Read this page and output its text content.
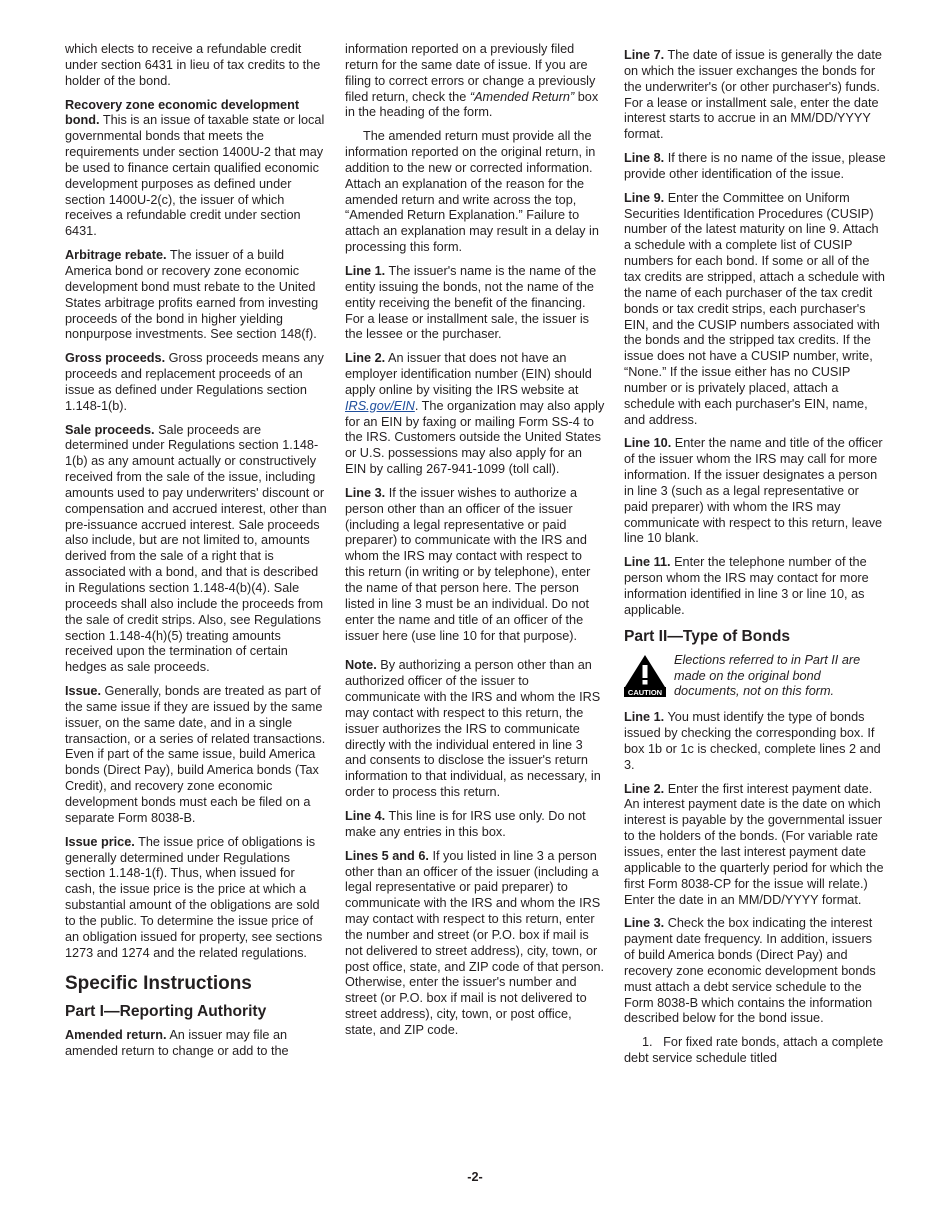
which elects to receive a refundable credit under section 6431 in lieu of tax credits to the holder of the bond.

Recovery zone economic development bond. This is an issue of taxable state or local governmental bonds that meets the requirements under section 1400U-2 that may be used to finance certain qualified economic development purposes as defined under section 1400U-2(c), the issuer of which receives a refundable credit under section 6431.

Arbitrage rebate. The issuer of a build America bond or recovery zone economic development bond must rebate to the United States arbitrage profits earned from investing proceeds of the bond in higher yielding nonpurpose investments. See section 148(f).

Gross proceeds. Gross proceeds means any proceeds and replacement proceeds of an issue as defined under Regulations section 1.148-1(b).

Sale proceeds. Sale proceeds are determined under Regulations section 1.148-1(b) as any amount actually or constructively received from the sale of the issue, including amounts used to pay underwriters' discount or compensation and accrued interest, other than pre-issuance accrued interest. Sale proceeds also include, but are not limited to, amounts derived from the sale of a right that is associated with a bond, and that is described in Regulations section 1.148-4(b)(4). Sale proceeds shall also include the proceeds from the sale of credit strips. Also, see Regulations section 1.148-4(h)(5) treating amounts received upon the termination of certain hedges as sale proceeds.

Issue. Generally, bonds are treated as part of the same issue if they are issued by the same issuer, on the same date, and in a single transaction, or a series of related transactions. Even if part of the same issue, build America bonds (Direct Pay), build America bonds (Tax Credit), and recovery zone economic development bonds must each be filed on a separate Form 8038-B.

Issue price. The issue price of obligations is generally determined under Regulations section 1.148-1(f). Thus, when issued for cash, the issue price is the price at which a substantial amount of the obligations are sold to the public. To determine the issue price of an obligation issued for property, see sections 1273 and 1274 and the related regulations.

Specific Instructions
Part I—Reporting Authority

Amended return. An issuer may file an amended return to change or add to the

information reported on a previously filed return for the same date of issue. If you are filing to correct errors or change a previously filed return, check the “Amended Return” box in the heading of the form.

The amended return must provide all the information reported on the original return, in addition to the new or corrected information. Attach an explanation of the reason for the amended return and write across the top, “Amended Return Explanation.” Failure to attach an explanation may result in a delay in processing this form.

Line 1. The issuer's name is the name of the entity issuing the bonds, not the name of the entity receiving the benefit of the financing. For a lease or installment sale, the issuer is the lessee or the purchaser.

Line 2. An issuer that does not have an employer identification number (EIN) should apply online by visiting the IRS website at IRS.gov/EIN. The organization may also apply for an EIN by faxing or mailing Form SS-4 to the IRS. Customers outside the United States or U.S. possessions may also apply for an EIN by calling 267-941-1099 (toll call).

Line 3. If the issuer wishes to authorize a person other than an officer of the issuer (including a legal representative or paid preparer) to communicate with the IRS and whom the IRS may contact with respect to this return (in writing or by telephone), enter the name of that person here. The person listed in line 3 must be an individual. Do not enter the name and title of an officer of the issuer here (use line 10 for that purpose).

Note. By authorizing a person other than an authorized officer of the issuer to communicate with the IRS and whom the IRS may contact with respect to this return, the issuer authorizes the IRS to communicate directly with the individual entered in line 3 and consents to disclose the issuer's return information to that individual, as necessary, in order to process this return.

Line 4. This line is for IRS use only. Do not make any entries in this box.

Lines 5 and 6. If you listed in line 3 a person other than an officer of the issuer (including a legal representative or paid preparer) to communicate with the IRS and whom the IRS may contact with respect to this return, enter the number and street (or P.O. box if mail is not delivered to street address), city, town, or post office, state, and ZIP code of that person. Otherwise, enter the issuer's number and street (or P.O. box if mail is not delivered to street address), city, town, or post office, state, and ZIP code.

Line 7. The date of issue is generally the date on which the issuer exchanges the bonds for the underwriter's (or other purchaser's) funds. For a lease or installment sale, enter the date interest starts to accrue in an MM/DD/YYYY format.

Line 8. If there is no name of the issue, please provide other identification of the issue.

Line 9. Enter the Committee on Uniform Securities Identification Procedures (CUSIP) number of the latest maturity on line 9. Attach a schedule with a complete list of CUSIP numbers for each bond. If some or all of the tax credits are stripped, attach a schedule with the name of each purchaser of the tax credit bonds or tax credit strips, each purchaser's EIN, and the CUSIP numbers associated with the bonds and the stripped tax credits. If the issue does not have a CUSIP number, write, “None.” If the issue either has no CUSIP number or is privately placed, attach a schedule with each purchaser's EIN, name, and address.

Line 10. Enter the name and title of the officer of the issuer whom the IRS may call for more information. If the issuer designates a person in line 3 (such as a legal representative or paid preparer) with whom the IRS may communicate with respect to this return, leave line 10 blank.

Line 11. Enter the telephone number of the person whom the IRS may contact for more information identified in line 3 or line 10, as applicable.

Part II—Type of Bonds
CAUTION
Elections referred to in Part II are made on the original bond documents, not on this form.

Line 1. You must identify the type of bonds issued by checking the corresponding box. If box 1b or 1c is checked, complete lines 2 and 3.

Line 2. Enter the first interest payment date. An interest payment date is the date on which interest is payable by the governmental issuer to the holders of the bonds. (For variable rate issues, enter the last interest payment date applicable to the quarterly period for which the first Form 8038-CP for the issue will relate.) Enter the date in an MM/DD/YYYY format.

Line 3. Check the box indicating the interest payment date frequency. In addition, issuers of build America bonds (Direct Pay) and recovery zone economic development bonds must attach a debt service schedule to the Form 8038-B which contains the information described below for the bond issue.

1.   For fixed rate bonds, attach a complete debt service schedule titled

-2-
